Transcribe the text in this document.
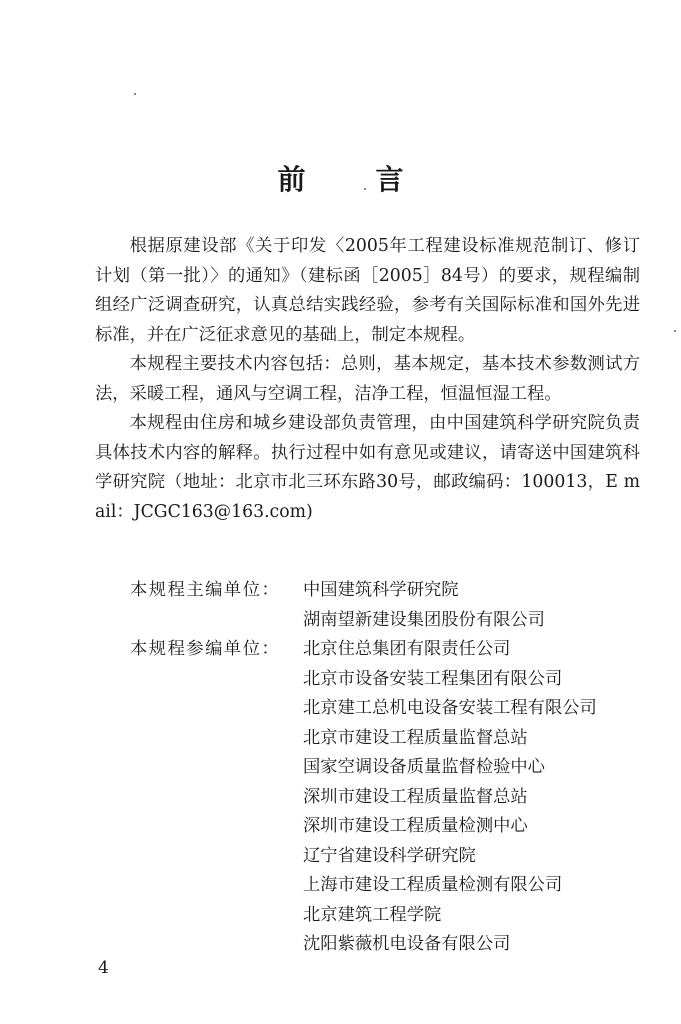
前	言

根据原建设部《关于印发〈2005年工程建设标准规范制订、修订计划（第一批）〉的通知》（建标函［2005］84号）的要求，规程编制组经广泛调查研究，认真总结实践经验，参考有关国际标准和国外先进标准，并在广泛征求意见的基础上，制定本规程。

本规程主要技术内容包括：总则，基本规定，基本技术参数测试方法，采暖工程，通风与空调工程，洁净工程，恒温恒湿工程。

本规程由住房和城乡建设部负责管理，由中国建筑科学研究院负责具体技术内容的解释。执行过程中如有意见或建议，请寄送中国建筑科学研究院（地址：北京市北三环东路30号，邮政编码：100013，E mail：JCGC163@163.com)

本规程主编单位：	中国建筑科学研究院
湖南望新建设集团股份有限公司
本规程参编单位：	北京住总集团有限责任公司
北京市设备安装工程集团有限公司
北京建工总机电设备安装工程有限公司
北京市建设工程质量监督总站
国家空调设备质量监督检验中心
深圳市建设工程质量监督总站
深圳市建设工程质量检测中心
辽宁省建设科学研究院
上海市建设工程质量检测有限公司
北京建筑工程学院
沈阳紫薇机电设备有限公司
4
